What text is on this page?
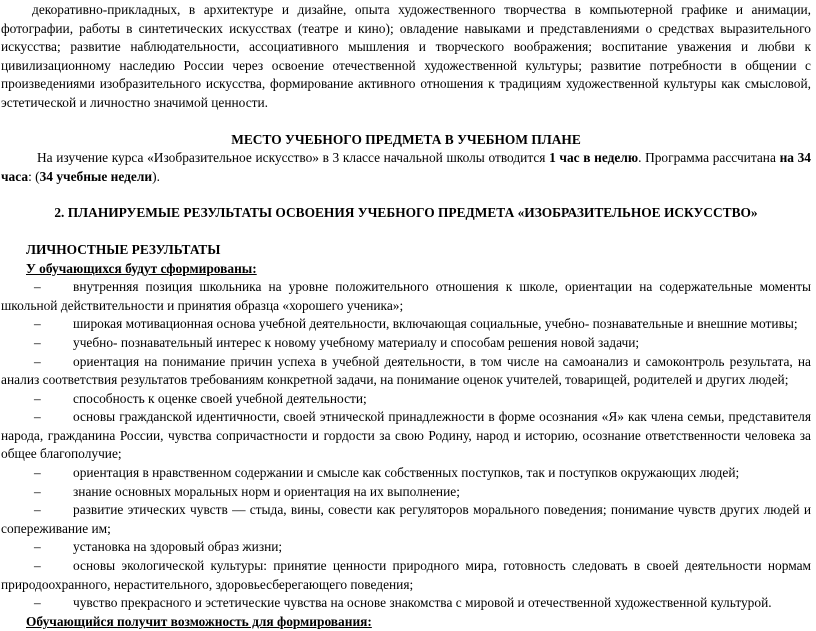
декоративно-прикладных, в архитектуре и дизайне, опыта художественного творчества в компьютерной графике и анимации, фотографии, работы в синтетических искусствах (театре и кино); овладение навыками и представлениями о средствах выразительного искусства; развитие наблюдательности, ассоциативного мышления и творческого воображения; воспитание уважения и любви к цивилизационному наследию России через освоение отечественной художественной культуры; развитие потребности в общении с произведениями изобразительного искусства, формирование активного отношения к традициям художественной культуры как смысловой, эстетической и личностно значимой ценности.

МЕСТО УЧЕБНОГО ПРЕДМЕТА В УЧЕБНОМ ПЛАНЕ

На изучение курса «Изобразительное искусство» в 3 классе начальной школы отводится 1 час в неделю. Программа рассчитана на 34 часа: (34 учебные недели).

2. ПЛАНИРУЕМЫЕ РЕЗУЛЬТАТЫ ОСВОЕНИЯ УЧЕБНОГО ПРЕДМЕТА «ИЗОБРАЗИТЕЛЬНОЕ ИСКУССТВО»

ЛИЧНОСТНЫЕ РЕЗУЛЬТАТЫ

У обучающихся будут сформированы:

– внутренняя позиция школьника на уровне положительного отношения к школе, ориентации на содержательные моменты школьной действительности и принятия образца «хорошего ученика»;

– широкая мотивационная основа учебной деятельности, включающая социальные, учебно- познавательные и внешние мотивы;

– учебно- познавательный интерес к новому учебному материалу и способам решения новой задачи;

– ориентация на понимание причин успеха в учебной деятельности, в том числе на самоанализ и самоконтроль результата, на анализ соответствия результатов требованиям конкретной задачи, на понимание оценок учителей, товарищей, родителей и других людей;

– способность к оценке своей учебной деятельности;

– основы гражданской идентичности, своей этнической принадлежности в форме осознания «Я» как члена семьи, представителя народа, гражданина России, чувства сопричастности и гордости за свою Родину, народ и историю, осознание ответственности человека за общее благополучие;

– ориентация в нравственном содержании и смысле как собственных поступков, так и поступков окружающих людей;

– знание основных моральных норм и ориентация на их выполнение;

– развитие этических чувств — стыда, вины, совести как регуляторов морального поведения; понимание чувств других людей и сопереживание им;

– установка на здоровый образ жизни;

– основы экологической культуры: принятие ценности природного мира, готовность следовать в своей деятельности нормам природоохранного, нерастительного, здоровьесберегающего поведения;

– чувство прекрасного и эстетические чувства на основе знакомства с мировой и отечественной художественной культурой.

Обучающийся получит возможность для формирования:
